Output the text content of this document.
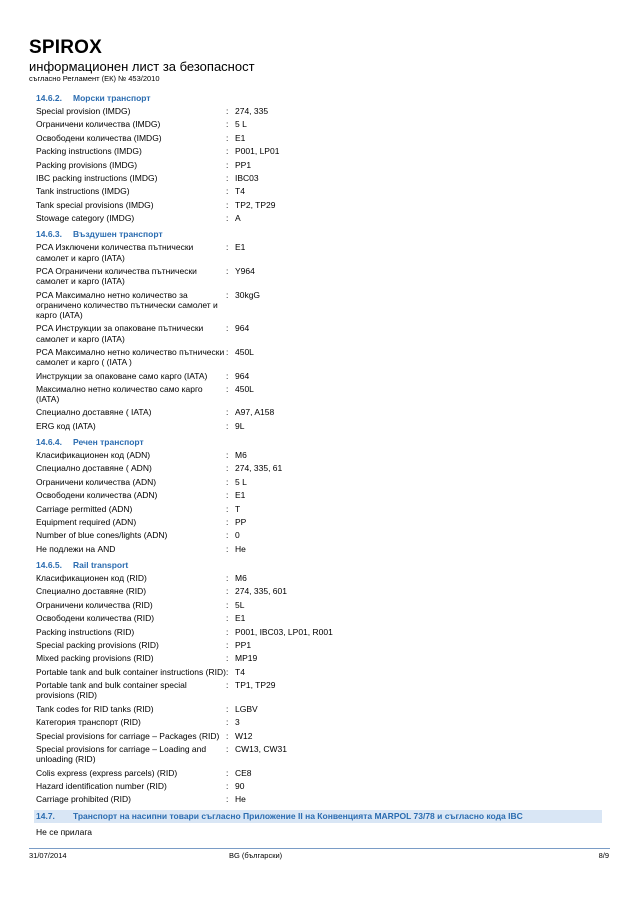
SPIROX
информационен лист за безопасност
съгласно Регламент (ЕК) № 453/2010
14.6.2.	Морски транспорт
Special provision (IMDG)	: 274, 335
Ограничени количества (IMDG)	: 5 L
Освободени количества (IMDG)	: E1
Packing instructions (IMDG)	: P001, LP01
Packing provisions (IMDG)	: PP1
IBC packing instructions (IMDG)	: IBC03
Tank instructions (IMDG)	: T4
Tank special provisions (IMDG)	: TP2, TP29
Stowage category (IMDG)	: A
14.6.3.	Въздушен транспорт
PCA Изключени количества пътнически самолет и карго (IATA)
: E1
PCA Ограничени количества пътнически самолет и карго (IATA)
: Y964
PCA Максимално нетно количество за ограничено количество пътнически самолет и карго (IATA)
: 30kgG
PCA Инструкции за опаковане пътнически самолет и карго (IATA)
: 964
PCA Максимално нетно количество пътнически самолет и карго ( (IATA )
: 450L
Инструкции за опаковане само карго (IATA)	: 964
Максимално нетно количество само карго (IATA)
: 450L
Специално доставяне ( IATA)	: A97, A158
ERG код (IATA)	: 9L
14.6.4.	Речен транспорт
Класификационен код (ADN)	: M6
Специално доставяне ( ADN)	: 274, 335, 61
Ограничени количества (ADN)	: 5 L
Освободени количества (ADN)	: E1
Carriage permitted (ADN)	: T
Equipment required (ADN)	: PP
Number of blue cones/lights (ADN)	: 0
Не подлежи на AND	: Не
14.6.5.	Rail transport
Класификационен код (RID)	: M6
Специално доставяне (RID)	: 274, 335, 601
Ограничени количества (RID)	: 5L
Освободени количества (RID)	: E1
Packing instructions (RID)	: P001, IBC03, LP01, R001
Special packing provisions (RID)	: PP1
Mixed packing provisions (RID)	: MP19
Portable tank and bulk container instructions (RID) : T4
Portable tank and bulk container special provisions (RID)
: TP1, TP29
Tank codes for RID tanks (RID)	: LGBV
Категория транспорт (RID)	: 3
Special provisions for carriage – Packages (RID) : W12
Special provisions for carriage – Loading and unloading (RID)
: CW13, CW31
Colis express (express parcels) (RID)	: CE8
Hazard identification number (RID)	: 90
Carriage prohibited (RID)	: He
14.7.	Транспорт на насипни товари съгласно Приложение II на Конвенцията MARPOL 73/78 и съгласно кода IBC
Не се прилага
31/07/2014	BG (български)	8/9
